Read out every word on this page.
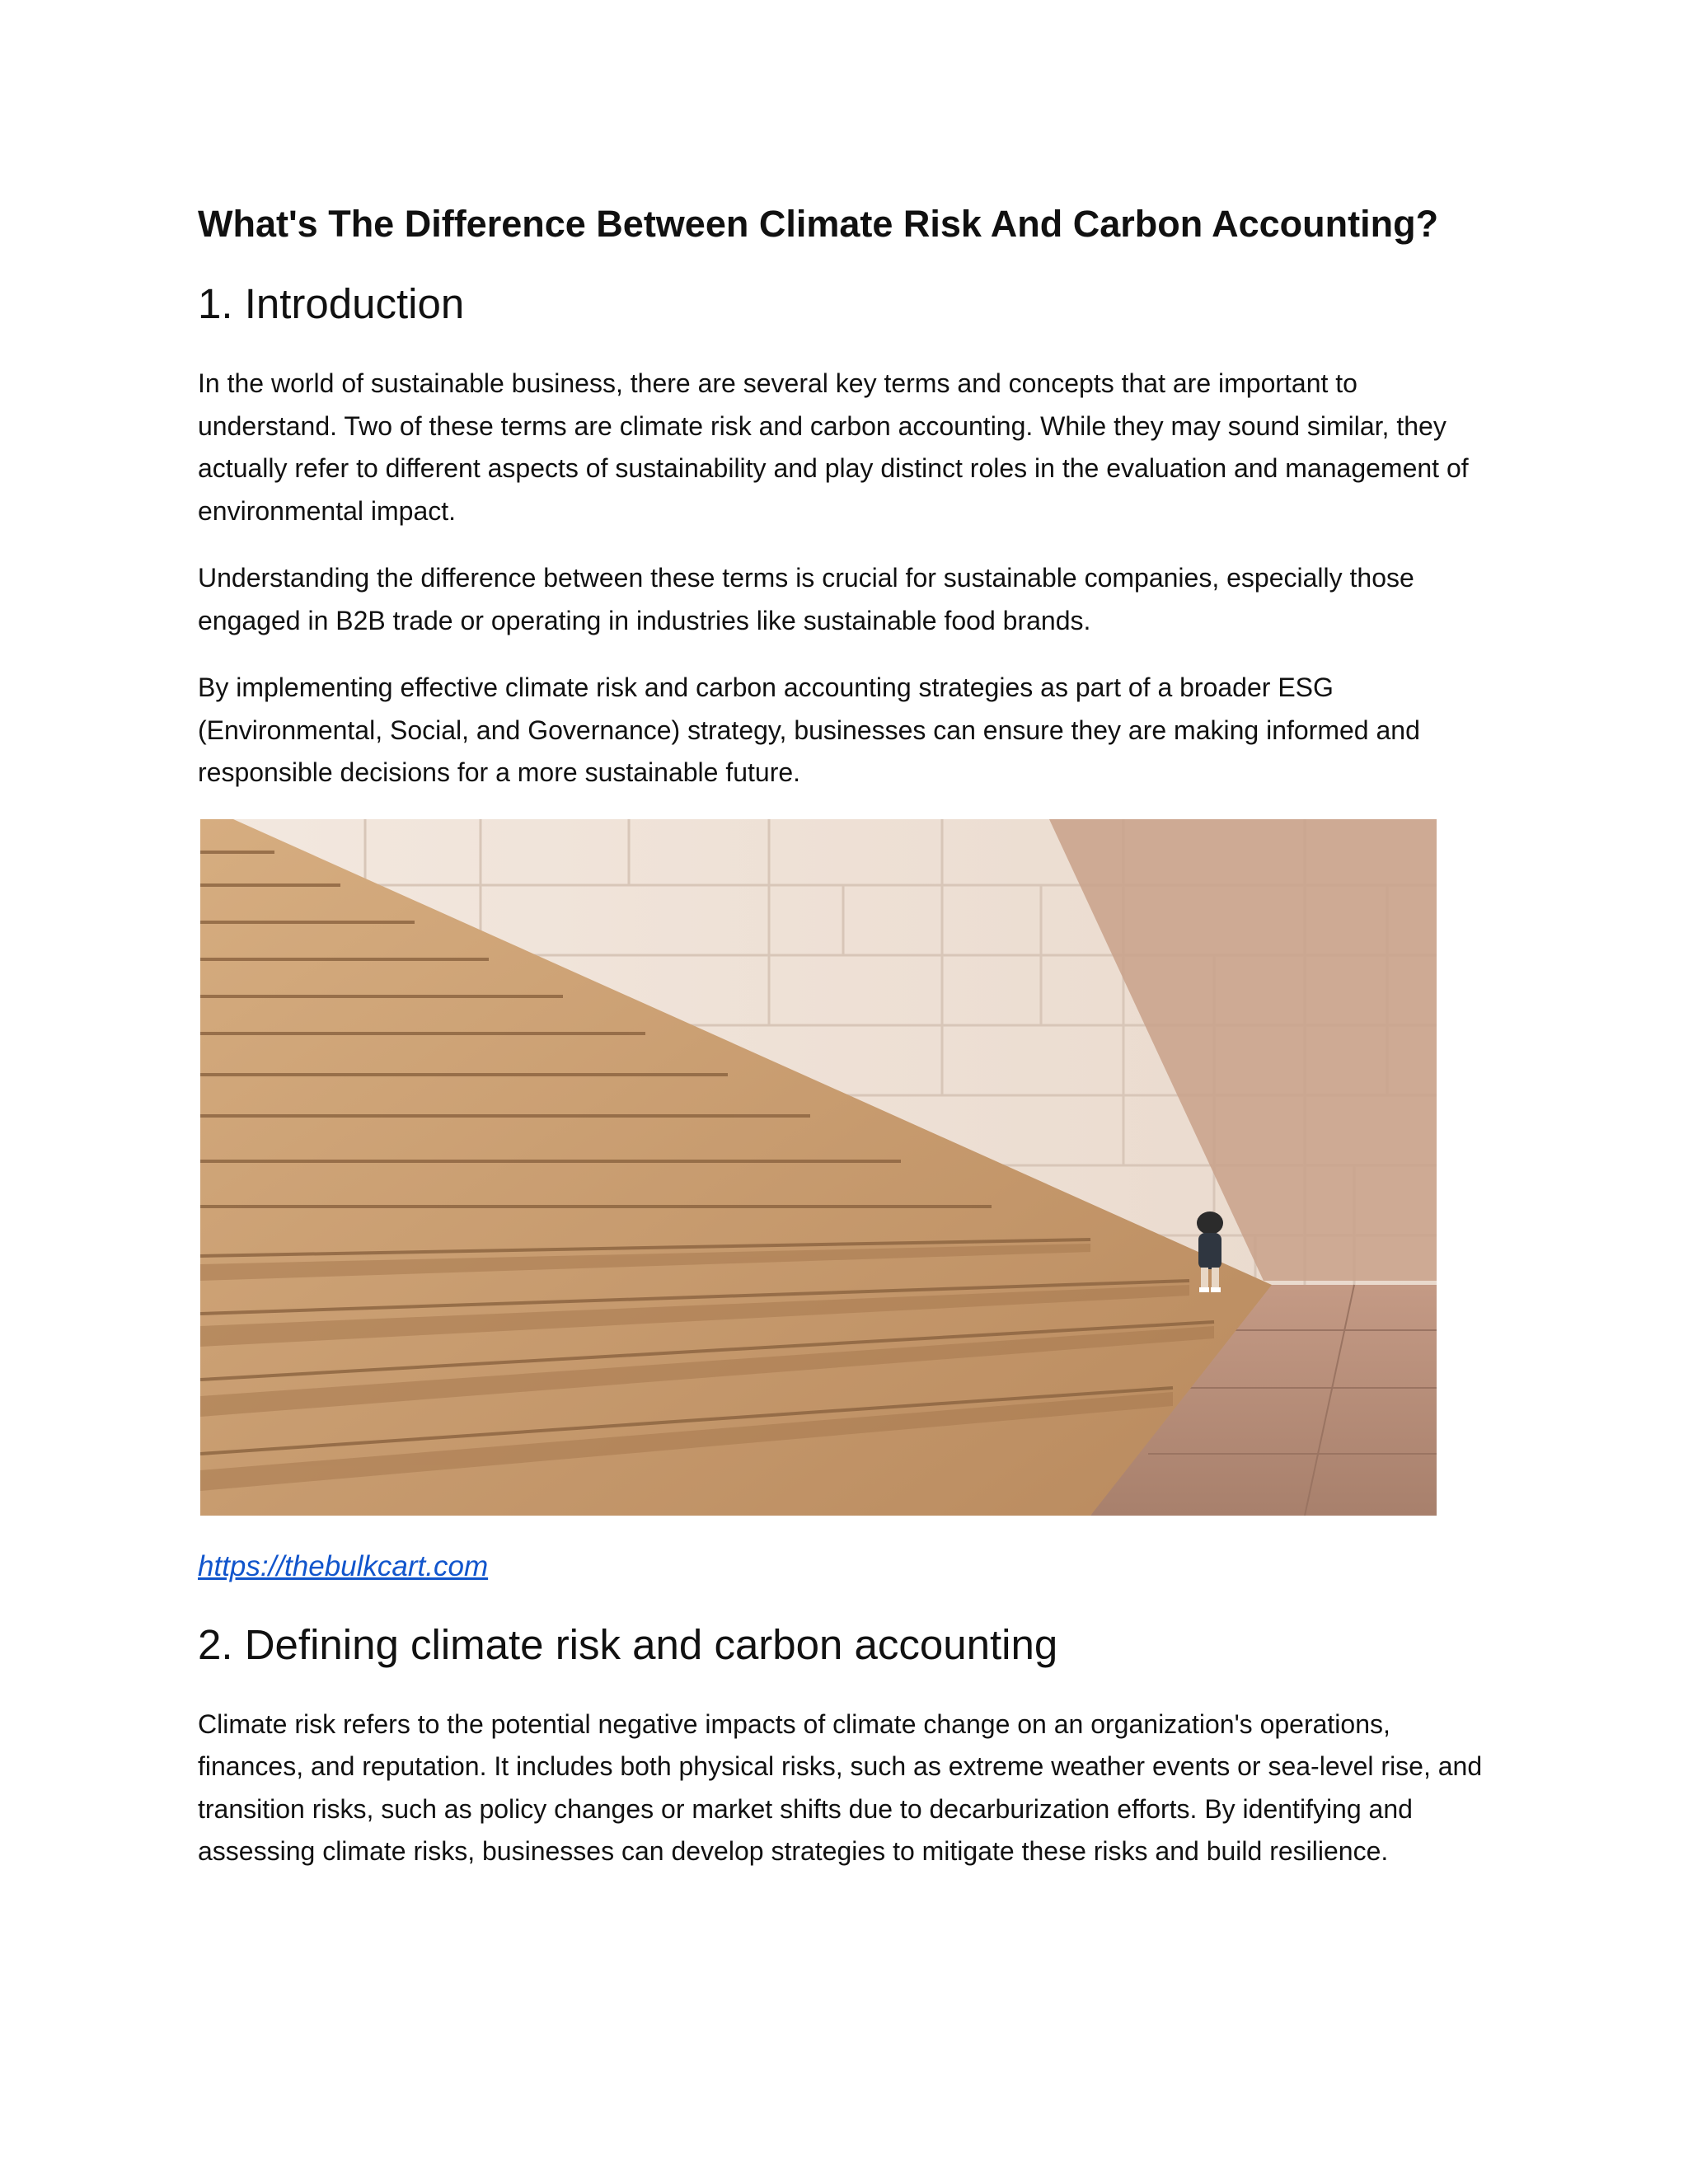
What's The Difference Between Climate Risk And Carbon Accounting?
1. Introduction

In the world of sustainable business, there are several key terms and concepts that are important to understand. Two of these terms are climate risk and carbon accounting. While they may sound similar, they actually refer to different aspects of sustainability and play distinct roles in the evaluation and management of environmental impact.

Understanding the difference between these terms is crucial for sustainable companies, especially those engaged in B2B trade or operating in industries like sustainable food brands.

By implementing effective climate risk and carbon accounting strategies as part of a broader ESG (Environmental, Social, and Governance) strategy, businesses can ensure they are making informed and responsible decisions for a more sustainable future.

https://thebulkcart.com
2. Defining climate risk and carbon accounting

Climate risk refers to the potential negative impacts of climate change on an organization's operations, finances, and reputation. It includes both physical risks, such as extreme weather events or sea-level rise, and transition risks, such as policy changes or market shifts due to decarburization efforts. By identifying and assessing climate risks, businesses can develop strategies to mitigate these risks and build resilience.
